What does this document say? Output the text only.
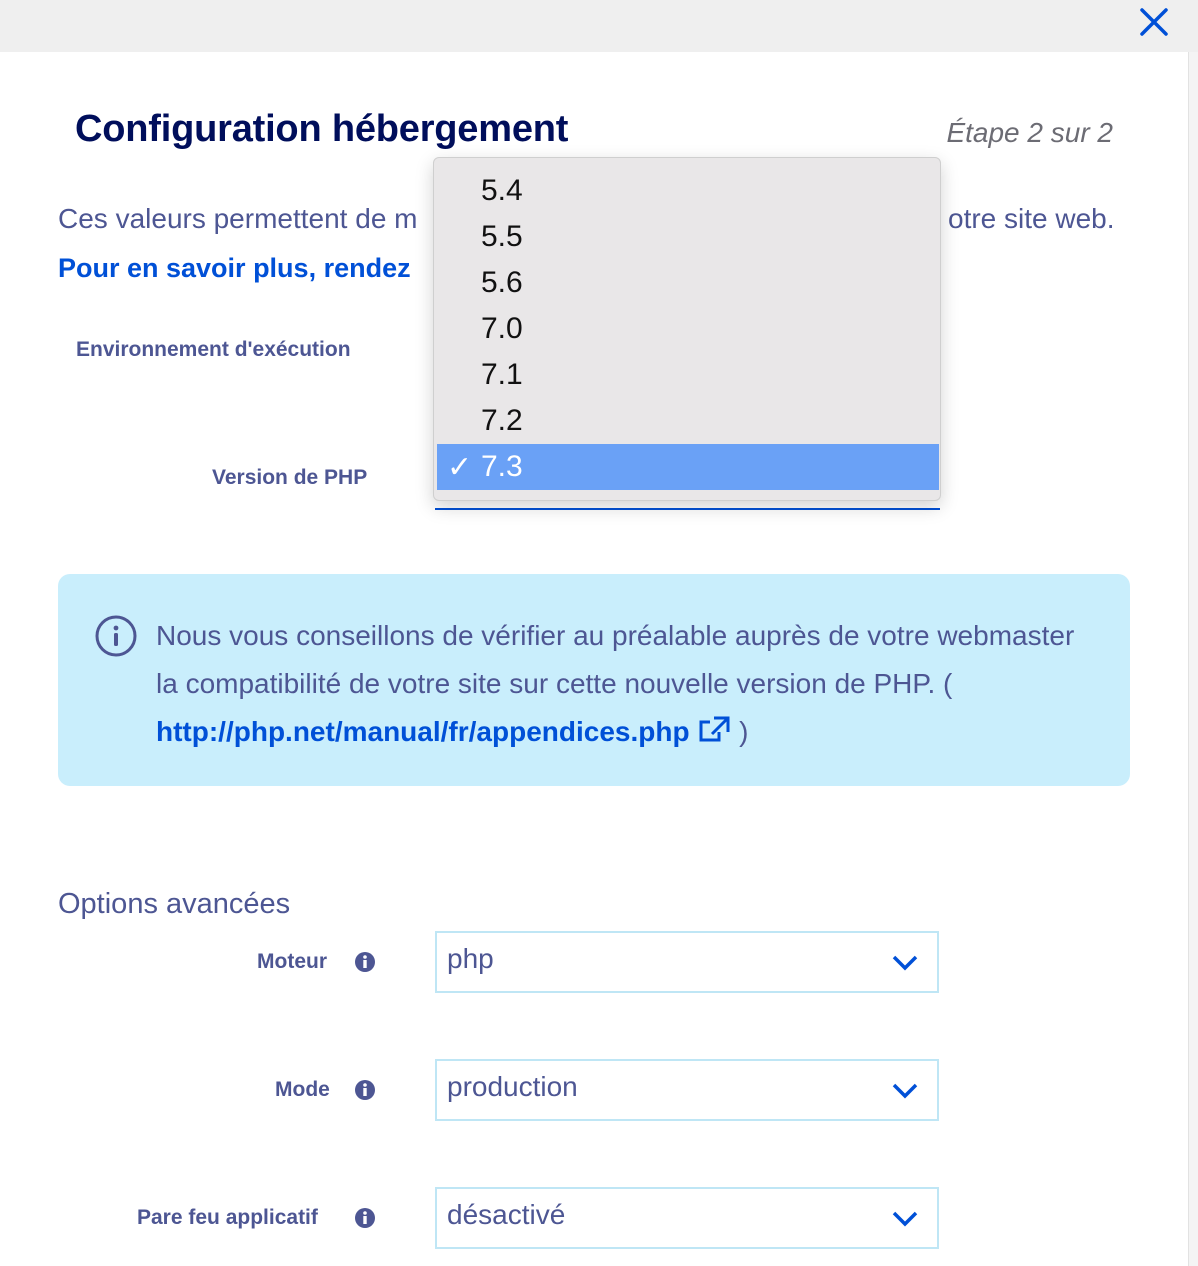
Configuration hébergement	Étape 2 sur 2
Ces valeurs permettent de m	otre site web.
Pour en savoir plus, rendez
Environnement d'exécution
Version de PHP
Nous vous conseillons de vérifier au préalable auprès de votre webmaster la compatibilité de votre site sur cette nouvelle version de PHP. ( http://php.net/manual/fr/appendices.php  )
Options avancées
Moteur	php
Mode	production
Pare feu applicatif	désactivé
5.4
5.5
5.6
7.0
7.1
7.2
✓ 7.3
